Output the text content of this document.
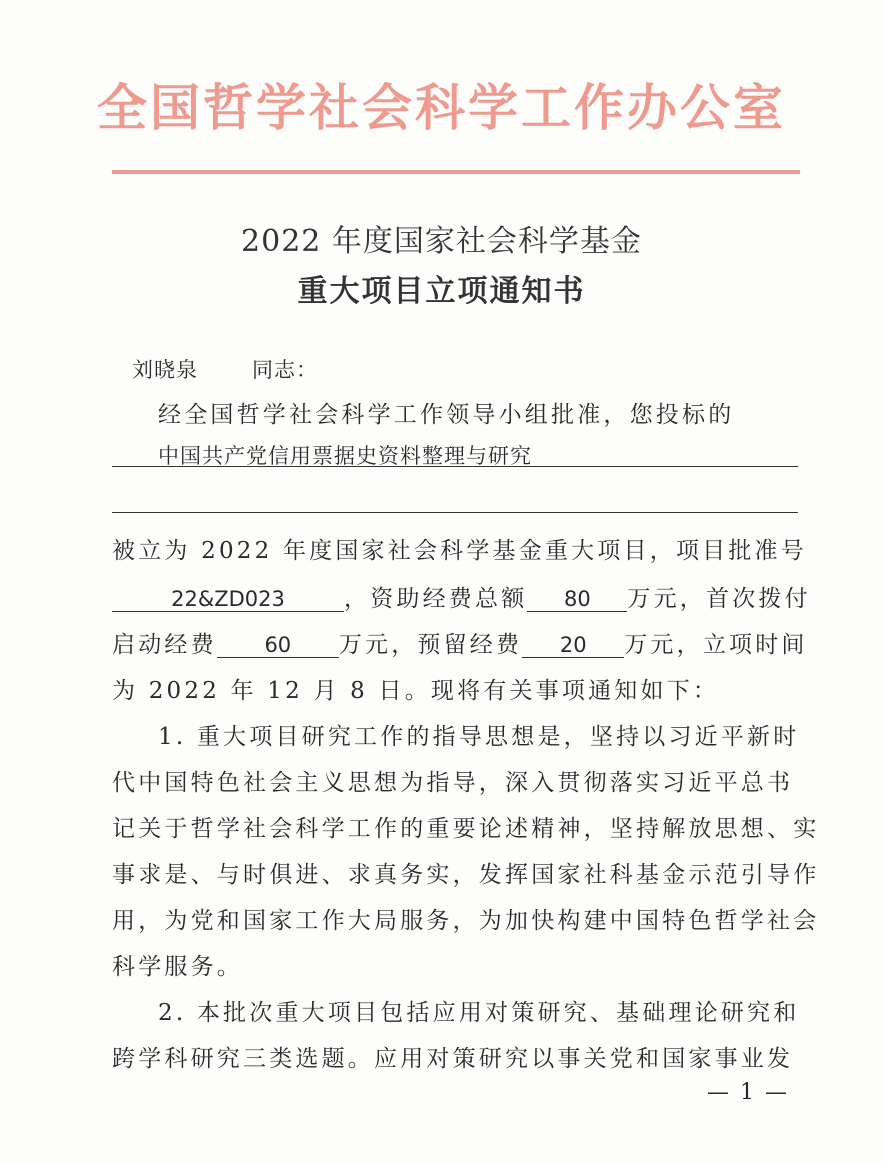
全国哲学社会科学工作办公室
2022 年度国家社会科学基金
重大项目立项通知书
刘晓泉	同志：
经全国哲学社会科学工作领导小组批准，您投标的
中国共产党信用票据史资料整理与研究
被立为 2022 年度国家社会科学基金重大项目，项目批准号
22&ZD023	，资助经费总额 80 万元，首次拨付
启动经费 60 万元，预留经费 20 万元，立项时间
为 2022 年 12 月 8 日。现将有关事项通知如下：
1. 重大项目研究工作的指导思想是，坚持以习近平新时
代中国特色社会主义思想为指导，深入贯彻落实习近平总书
记关于哲学社会科学工作的重要论述精神，坚持解放思想、实
事求是、与时俱进、求真务实，发挥国家社科基金示范引导作
用，为党和国家工作大局服务，为加快构建中国特色哲学社会
科学服务。
2. 本批次重大项目包括应用对策研究、基础理论研究和
跨学科研究三类选题。应用对策研究以事关党和国家事业发
— 1 —
